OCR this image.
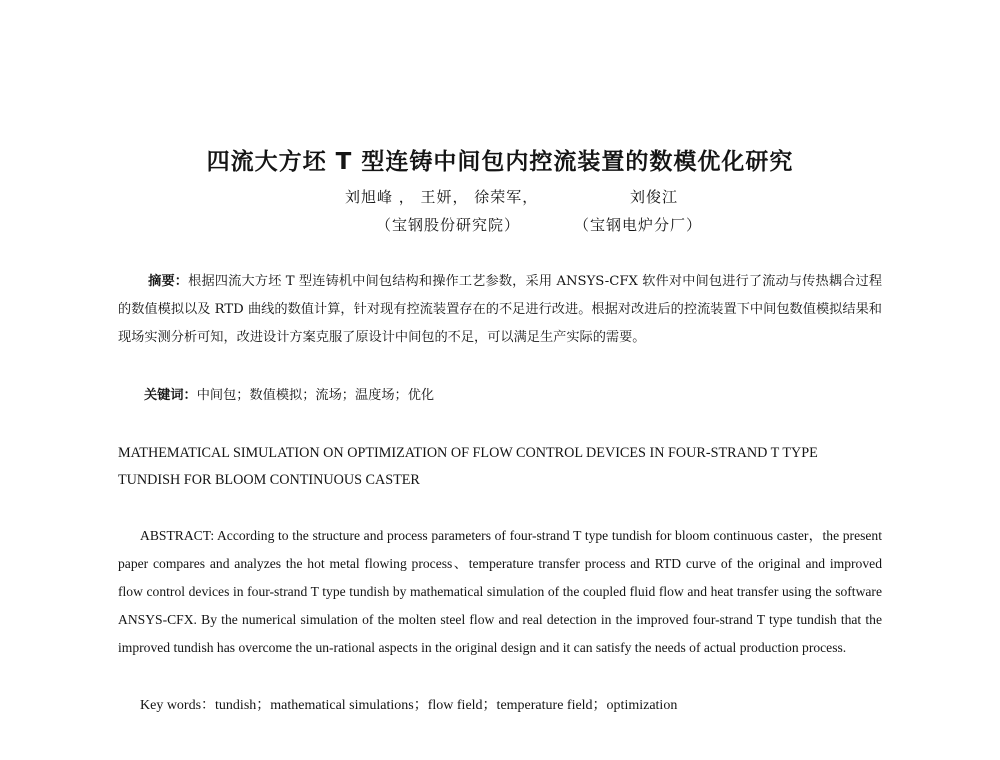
四流大方坯 T 型连铸中间包内控流装置的数模优化研究
刘旭峰 ， 王妍， 徐荣军，	刘俊江
（宝钢股份研究院）	（宝钢电炉分厂）
摘要：根据四流大方坯 T 型连铸机中间包结构和操作工艺参数，采用 ANSYS-CFX 软件对中间包进行了流动与传热耦合过程的数值模拟以及 RTD 曲线的数值计算，针对现有控流装置存在的不足进行改进。根据对改进后的控流装置下中间包数值模拟结果和现场实测分析可知，改进设计方案克服了原设计中间包的不足，可以满足生产实际的需要。
关键词：中间包；数值模拟；流场；温度场；优化
MATHEMATICAL SIMULATION ON OPTIMIZATION OF FLOW CONTROL DEVICES IN FOUR-STRAND T TYPE TUNDISH FOR BLOOM CONTINUOUS CASTER
ABSTRACT: According to the structure and process parameters of four-strand T type tundish for bloom continuous caster，the present paper compares and analyzes the hot metal flowing process、temperature transfer process and RTD curve of the original and improved flow control devices in four-strand T type tundish by mathematical simulation of the coupled fluid flow and heat transfer using the software ANSYS-CFX. By the numerical simulation of the molten steel flow and real detection in the improved four-strand T type tundish that the improved tundish has overcome the un-rational aspects in the original design and it can satisfy the needs of actual production process.
Key words：tundish；mathematical simulations；flow field；temperature field；optimization
